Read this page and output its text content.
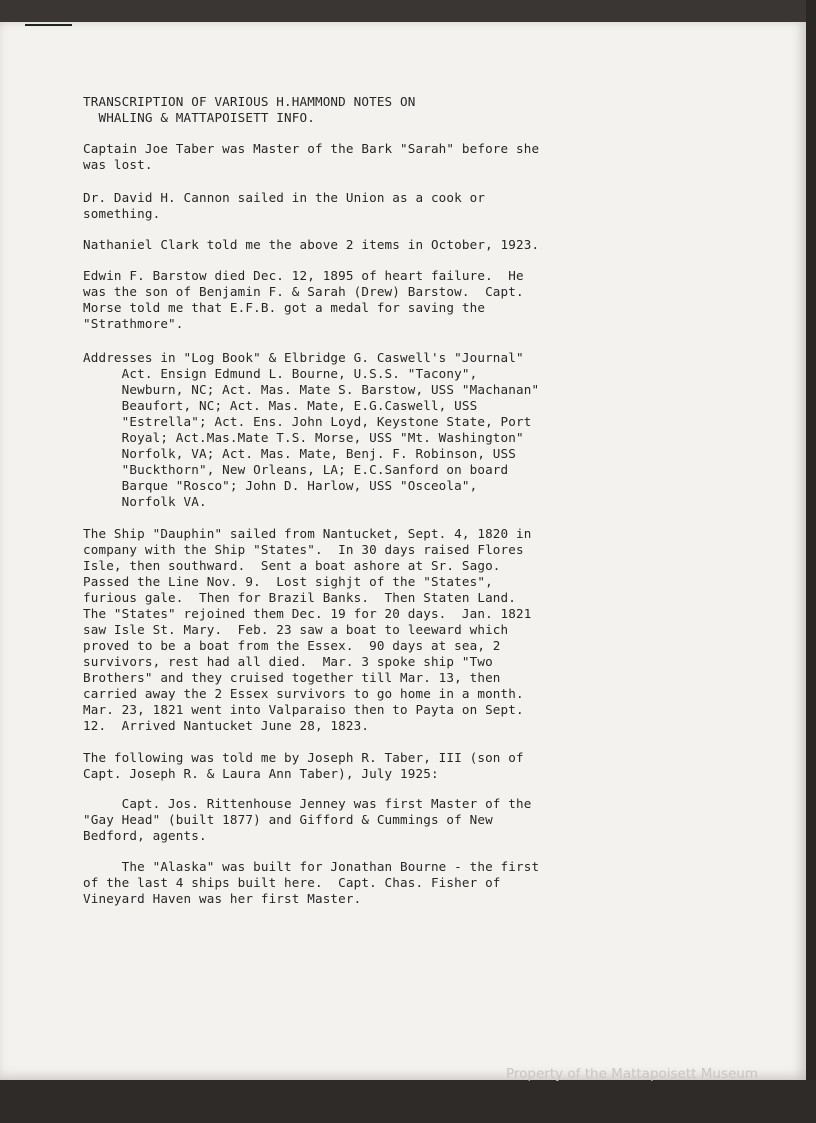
TRANSCRIPTION OF VARIOUS H.HAMMOND NOTES ON
WHALING & MATTAPOISETT INFO.

Captain Joe Taber was Master of the Bark "Sarah" before she
was lost.

Dr. David H. Cannon sailed in the Union as a cook or
something.

Nathaniel Clark told me the above 2 items in October, 1923.

Edwin F. Barstow died Dec. 12, 1895 of heart failure.  He
was the son of Benjamin F. & Sarah (Drew) Barstow.  Capt.
Morse told me that E.F.B. got a medal for saving the
"Strathmore".

Addresses in "Log Book" & Elbridge G. Caswell's "Journal"
Act. Ensign Edmund L. Bourne, U.S.S. "Tacony",
Newburn, NC; Act. Mas. Mate S. Barstow, USS "Machanan"
Beaufort, NC; Act. Mas. Mate, E.G.Caswell, USS
"Estrella"; Act. Ens. John Loyd, Keystone State, Port
Royal; Act.Mas.Mate T.S. Morse, USS "Mt. Washington"
Norfolk, VA; Act. Mas. Mate, Benj. F. Robinson, USS
"Buckthorn", New Orleans, LA; E.C.Sanford on board
Barque "Rosco"; John D. Harlow, USS "Osceola",
Norfolk VA.

The Ship "Dauphin" sailed from Nantucket, Sept. 4, 1820 in
company with the Ship "States".  In 30 days raised Flores
Isle, then southward.  Sent a boat ashore at Sr. Sago.
Passed the Line Nov. 9.  Lost sighjt of the "States",
furious gale.  Then for Brazil Banks.  Then Staten Land.
The "States" rejoined them Dec. 19 for 20 days.  Jan. 1821
saw Isle St. Mary.  Feb. 23 saw a boat to leeward which
proved to be a boat from the Essex.  90 days at sea, 2
survivors, rest had all died.  Mar. 3 spoke ship "Two
Brothers" and they cruised together till Mar. 13, then
carried away the 2 Essex survivors to go home in a month.
Mar. 23, 1821 went into Valparaiso then to Payta on Sept.
12.  Arrived Nantucket June 28, 1823.

The following was told me by Joseph R. Taber, III (son of
Capt. Joseph R. & Laura Ann Taber), July 1925:

Capt. Jos. Rittenhouse Jenney was first Master of the
"Gay Head" (built 1877) and Gifford & Cummings of New
Bedford, agents.

The "Alaska" was built for Jonathan Bourne - the first
of the last 4 ships built here.  Capt. Chas. Fisher of
Vineyard Haven was her first Master.

Property of the Mattapoisett Museum
